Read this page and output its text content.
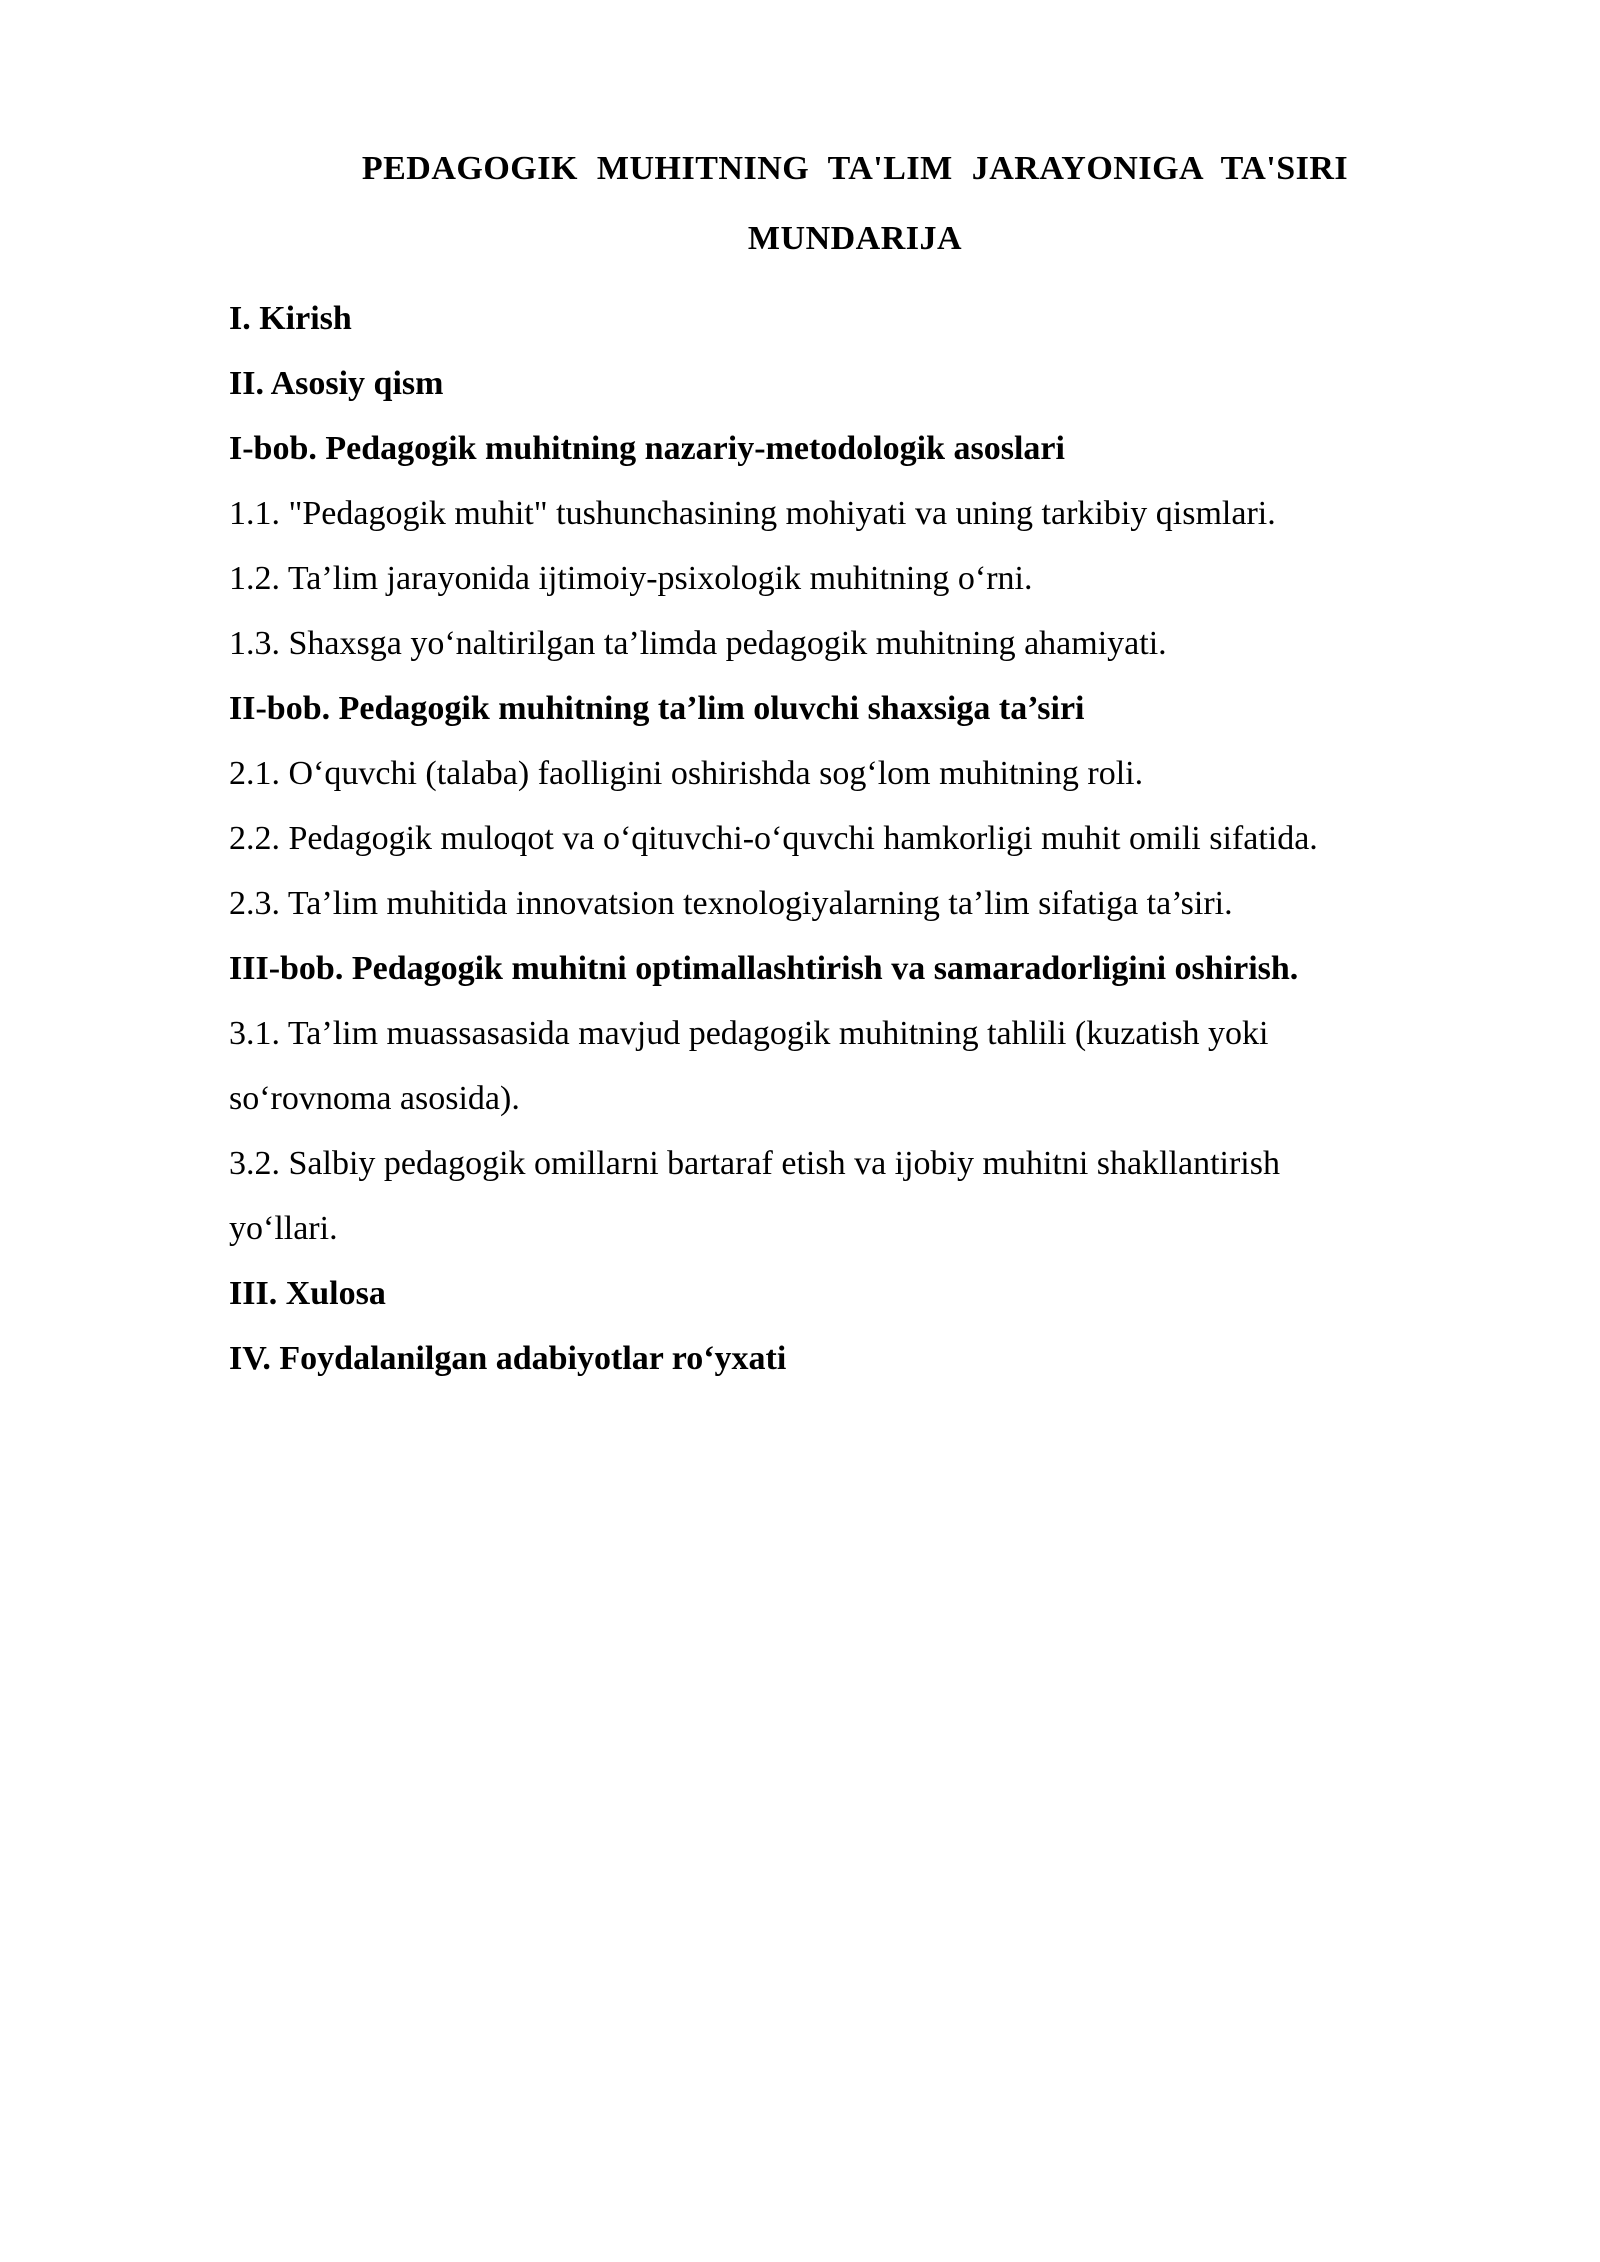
PEDAGOGIK MUHITNING TA'LIM JARAYONIGA TA'SIRI
MUNDARIJA
I. Kirish
II. Asosiy qism
I-bob. Pedagogik muhitning nazariy-metodologik asoslari
1.1. "Pedagogik muhit" tushunchasining mohiyati va uning tarkibiy qismlari.
1.2. Ta’lim jarayonida ijtimoiy-psixologik muhitning o‘rni.
1.3. Shaxsga yo‘naltirilgan ta’limda pedagogik muhitning ahamiyati.
II-bob. Pedagogik muhitning ta’lim oluvchi shaxsiga ta’siri
2.1. O‘quvchi (talaba) faolligini oshirishda sog‘lom muhitning roli.
2.2. Pedagogik muloqot va o‘qituvchi-o‘quvchi hamkorligi muhit omili sifatida.
2.3. Ta’lim muhitida innovatsion texnologiyalarning ta’lim sifatiga ta’siri.
III-bob. Pedagogik muhitni optimallashtirish va samaradorligini oshirish.
3.1. Ta’lim muassasasida mavjud pedagogik muhitning tahlili (kuzatish yoki
so‘rovnoma asosida).
3.2. Salbiy pedagogik omillarni bartaraf etish va ijobiy muhitni shakllantirish
yo‘llari.
III. Xulosa
IV. Foydalanilgan adabiyotlar ro‘yxati
